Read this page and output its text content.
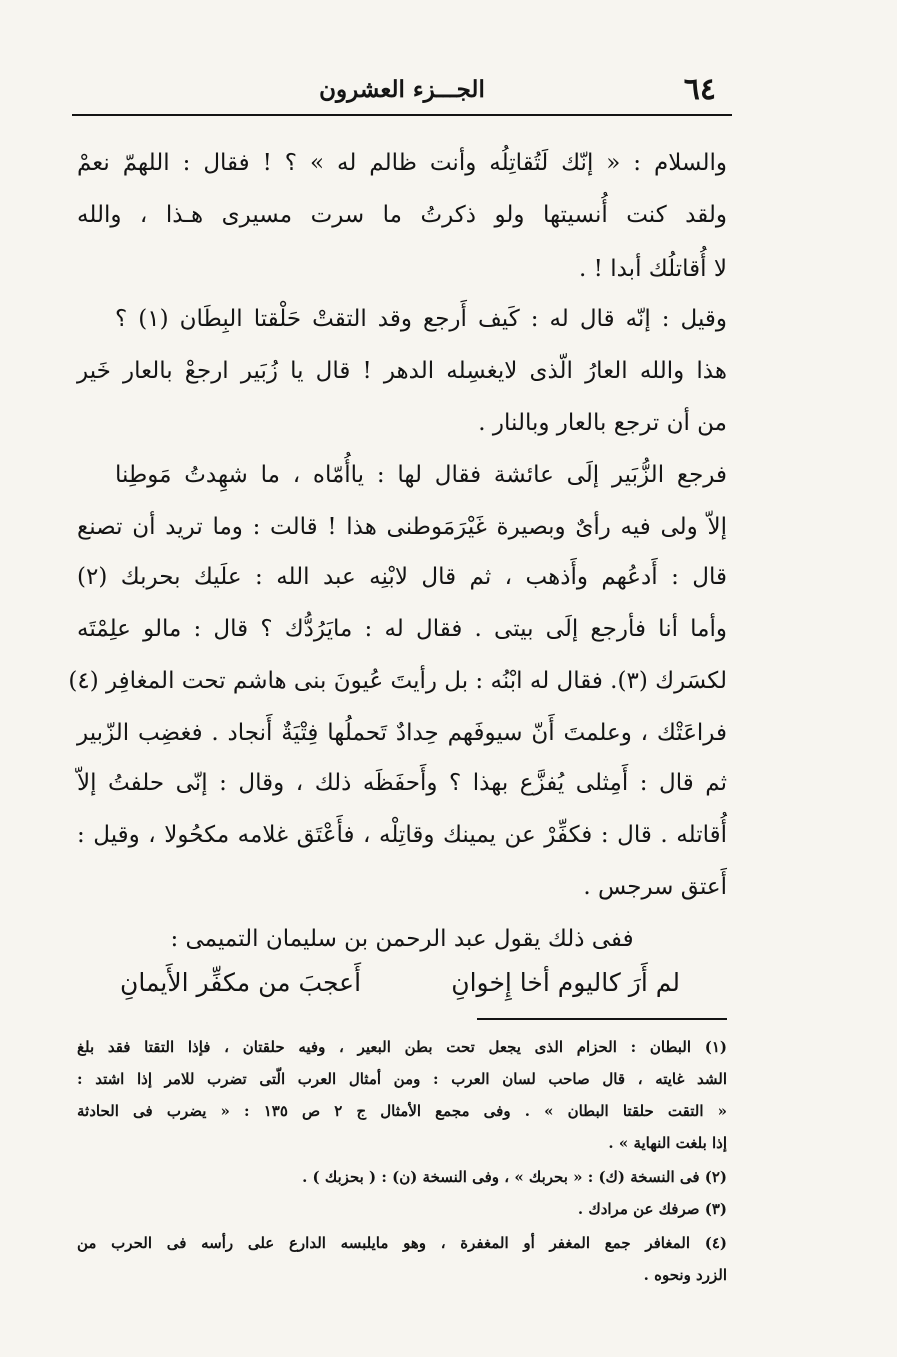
٦٤
الجـــزء العشرون
والسلام : « إنّك لَتُقاتِلُه وأنت ظالم له » ؟ ! فقال : اللهمّ نعمْ
ولقد كنت أُنسيتها ولو ذكرتُ ما سرت مسيرى هـذا ، والله
لا أُقاتلُك أبدا ! .
وقيل : إنّه قال له : كَيف أَرجع وقد التقتْ حَلْقتا البِطَان (١) ؟
هذا والله العارُ الّذى لايغسِله الدهر ! قال يا زُبَير ارجعْ بالعار خَير
من أن ترجع بالعار وبالنار .
فرجع الزُّبَير إلَى عائشة فقال لها : ياأُمّاه ، ما شهِدتُ مَوطِنا
إلاّ ولى فيه رأىٌ وبصيرة غَيْرَمَوطنى هذا ! قالت : وما تريد أن تصنع
قال : أَدعُهم وأَذهب ، ثم قال لابْنِه عبد الله : علَيك بحربك (٢)
وأما أنا فأرجع إلَى بيتى . فقال له : مايَرُدُّك ؟ قال : مالو علِمْتَه
لكسَرك (٣). فقال له ابْنُه : بل رأيتَ عُيونَ بنى هاشم تحت المغافِر (٤)
فراعَتْك ، وعلمتَ أَنّ سيوفَهم حِدادٌ تَحملُها فِتْيَةٌ أَنجاد . فغضِب الزّبير
ثم قال : أَمِثلى يُفزَّع بهذا ؟ وأَحفَظَه ذلك ، وقال : إنّى حلفتُ إلاّ
أُقاتله . قال : فكفِّرْ عن يمينك وقاتِلْه ، فأَعْتَق غلامه مكحُولا ، وقيل :
أَعتق سرجس .
ففى ذلك يقول عبد الرحمن بن سليمان التميمى :
لم أَرَ كاليوم أخا إِخوانِ
أَعجبَ من مكفِّر الأَيمانِ
(١) البطان : الحزام الذى يجعل تحت بطن البعير ، وفيه حلقتان ، فإذا التقتا فقد بلغ
الشد غايته ، قال صاحب لسان العرب : ومن أمثال العرب الّتى تضرب للامر إذا اشتد :
« التقت حلقتا البطان » . وفى مجمع الأمثال ج ٢ ص ١٣٥ : « يضرب فى الحادثة
إذا بلغت النهاية » .
(٢) فى النسخة (ك) : « بحربك » ، وفى النسخة (ن) : ( بحزبك ) .
(٣) صرفك عن مرادك .
(٤) المغافر جمع المغفر أو المغفرة ، وهو مايلبسه الدارع على رأسه فى الحرب من
الزرد ونحوه .
